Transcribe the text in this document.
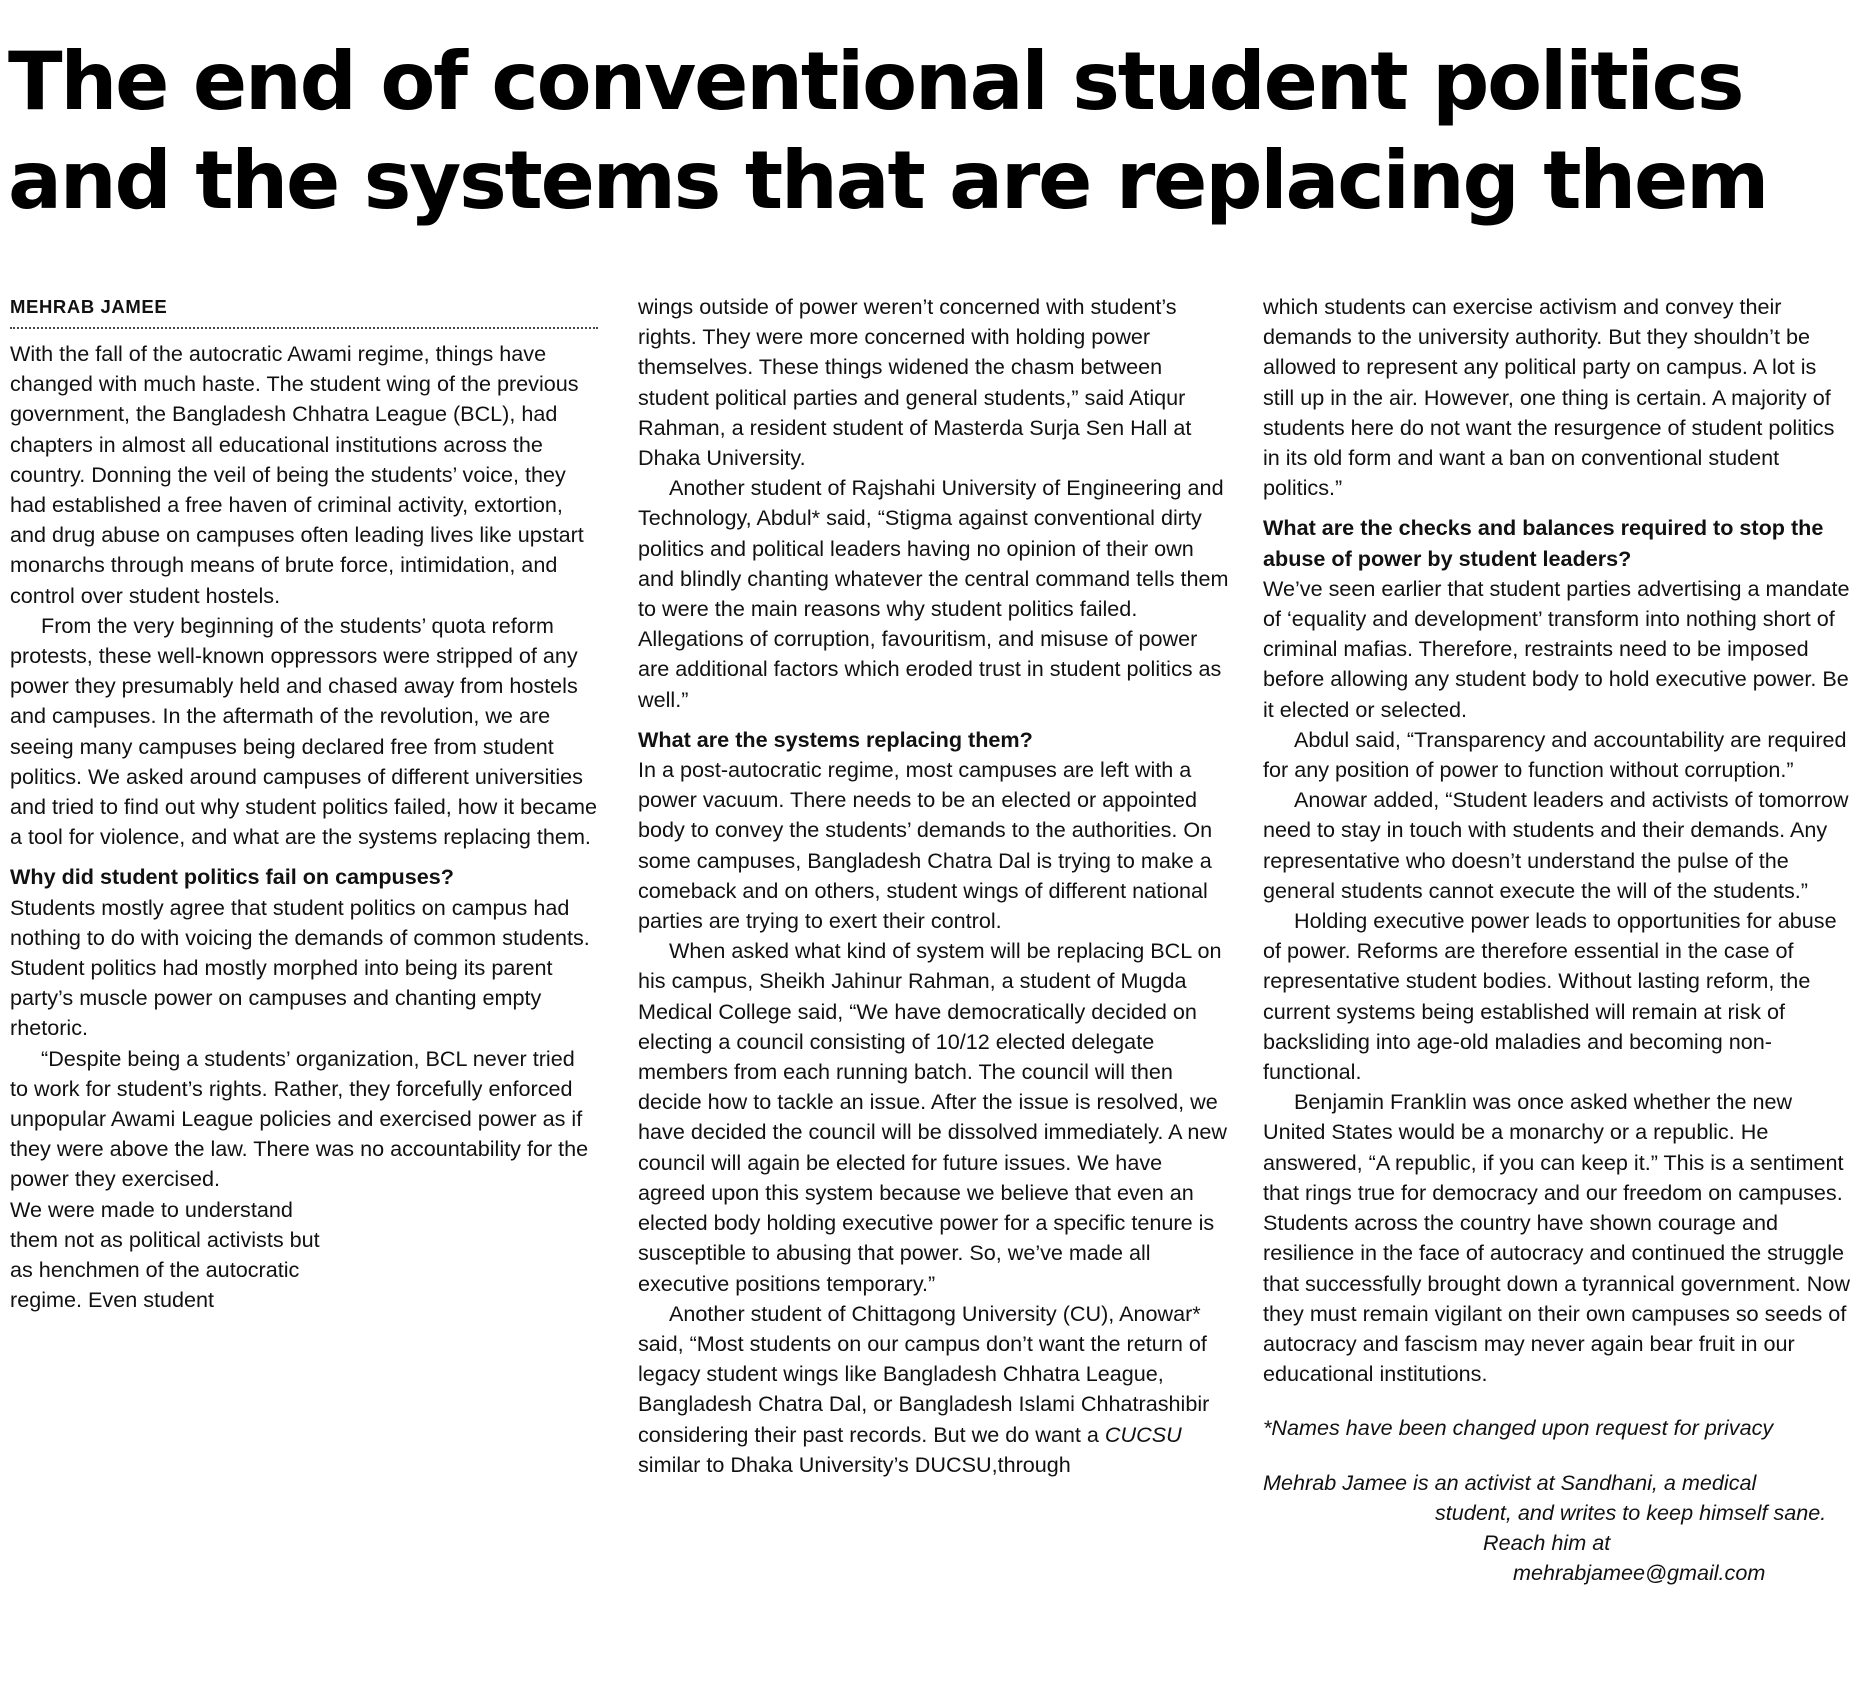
The end of conventional student politics
and the systems that are replacing them
MEHRAB JAMEE

With the fall of the autocratic Awami regime, things have changed with much haste. The student wing of the previous government, the Bangladesh Chhatra League (BCL), had chapters in almost all educational institutions across the country. Donning the veil of being the students’ voice, they had established a free haven of criminal activity, extortion, and drug abuse on campuses often leading lives like upstart monarchs through means of brute force, intimidation, and control over student hostels.

From the very beginning of the students’ quota reform protests, these well-known oppressors were stripped of any power they presumably held and chased away from hostels and campuses. In the aftermath of the revolution, we are seeing many campuses being declared free from student politics. We asked around campuses of different universities and tried to find out why student politics failed, how it became a tool for violence, and what are the systems replacing them.

Why did student politics fail on campuses?

Students mostly agree that student politics on campus had nothing to do with voicing the demands of common students. Student politics had mostly morphed into being its parent party’s muscle power on campuses and chanting empty rhetoric.

“Despite being a students’ organization, BCL never tried to work for student’s rights. Rather, they forcefully enforced unpopular Awami League policies and exercised power as if they were above the law. There was no accountability for the power they exercised.

We were made to understand them not as political activists but as henchmen of the autocratic regime. Even student

wings outside of power weren’t concerned with student’s rights. They were more concerned with holding power themselves. These things widened the chasm between student political parties and general students,” said Atiqur Rahman, a resident student of Masterda Surja Sen Hall at Dhaka University.

Another student of Rajshahi University of Engineering and Technology, Abdul* said, “Stigma against conventional dirty politics and political leaders having no opinion of their own and blindly chanting whatever the central command tells them to were the main reasons why student politics failed. Allegations of corruption, favouritism, and misuse of power are additional factors which eroded trust in student politics as well.”

What are the systems replacing them?

In a post-autocratic regime, most campuses are left with a power vacuum. There needs to be an elected or appointed body to convey the students’ demands to the authorities. On some campuses, Bangladesh Chatra Dal is trying to make a comeback and on others, student wings of different national parties are trying to exert their control.

When asked what kind of system will be replacing BCL on his campus, Sheikh Jahinur Rahman, a student of Mugda Medical College said, “We have democratically decided on electing a council consisting of 10/12 elected delegate members from each running batch. The council will then decide how to tackle an issue. After the issue is resolved, we have decided the council will be dissolved immediately. A new council will again be elected for future issues. We have agreed upon this system because we believe that even an elected body holding executive power for a specific tenure is susceptible to abusing that power. So, we’ve made all executive positions temporary.”

Another student of Chittagong University (CU), Anowar* said, “Most students on our campus don’t want the return of legacy student wings like Bangladesh Chhatra League, Bangladesh Chatra Dal, or Bangladesh Islami Chhatrashibir considering their past records. But we do want a CUCSU similar to Dhaka University’s DUCSU,through

which students can exercise activism and convey their demands to the university authority. But they shouldn’t be allowed to represent any political party on campus. A lot is still up in the air. However, one thing is certain. A majority of students here do not want the resurgence of student politics in its old form and want a ban on conventional student politics.”

What are the checks and balances required to stop the abuse of power by student leaders?

We’ve seen earlier that student parties advertising a mandate of ‘equality and development’ transform into nothing short of criminal mafias. Therefore, restraints need to be imposed before allowing any student body to hold executive power. Be it elected or selected.

Abdul said, “Transparency and accountability are required for any position of power to function without corruption.”

Anowar added, “Student leaders and activists of tomorrow need to stay in touch with students and their demands. Any representative who doesn’t understand the pulse of the general students cannot execute the will of the students.”

Holding executive power leads to opportunities for abuse of power. Reforms are therefore essential in the case of representative student bodies. Without lasting reform, the current systems being established will remain at risk of backsliding into age-old maladies and becoming non-functional.

Benjamin Franklin was once asked whether the new United States would be a monarchy or a republic. He answered, “A republic, if you can keep it.” This is a sentiment that rings true for democracy and our freedom on campuses. Students across the country have shown courage and resilience in the face of autocracy and continued the struggle that successfully brought down a tyrannical government. Now they must remain vigilant on their own campuses so seeds of autocracy and fascism may never again bear fruit in our educational institutions.

*Names have been changed upon request for privacy

Mehrab Jamee is an activist at Sandhani, a medical
student, and writes to keep himself sane.
Reach him at
mehrabjamee@gmail.com
